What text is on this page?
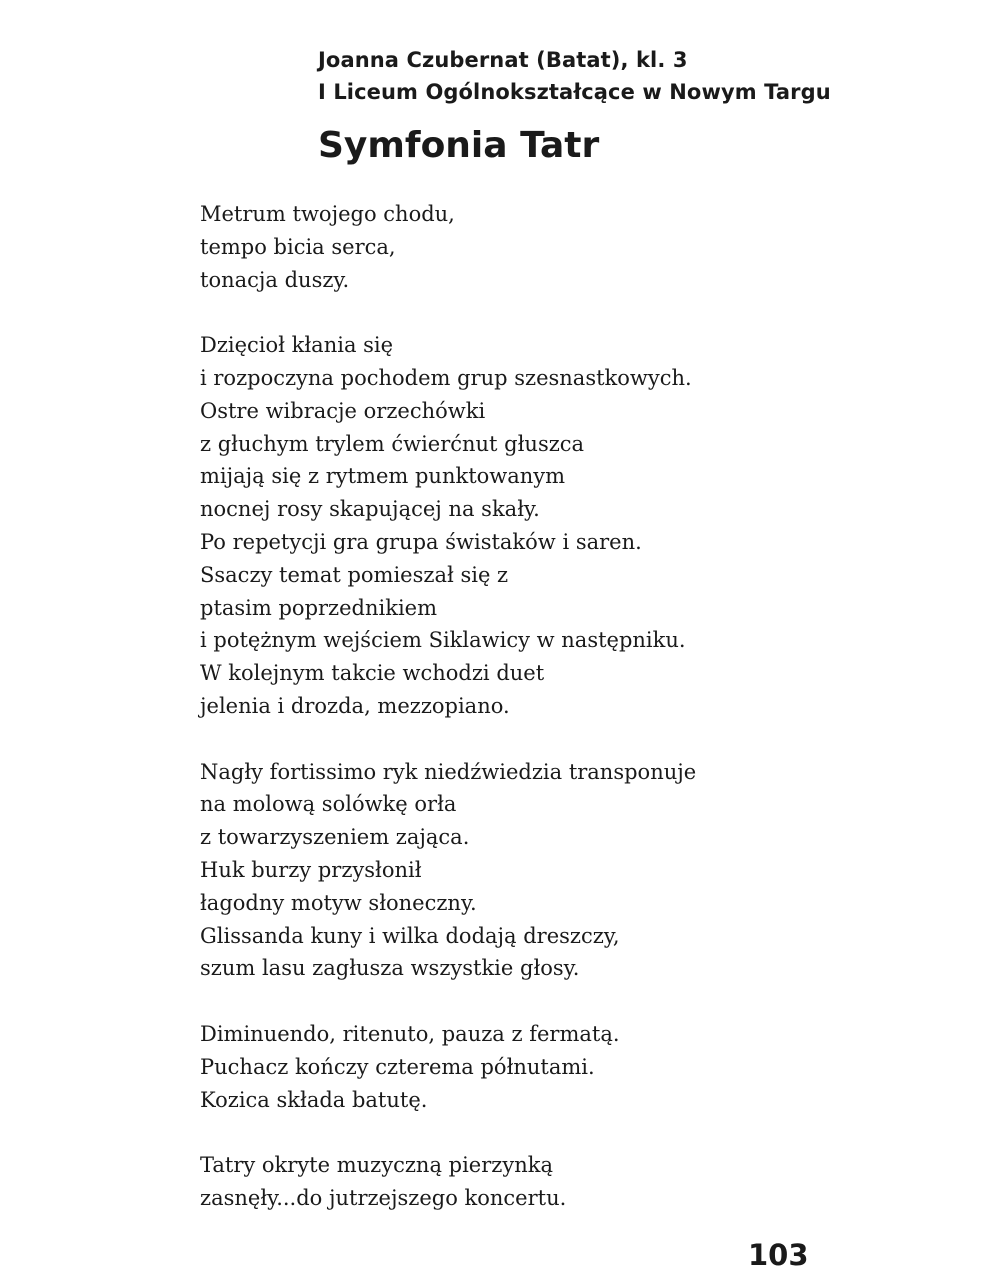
Joanna Czubernat (Batat), kl. 3
I Liceum Ogólnokształcące w Nowym Targu
Symfonia Tatr
Metrum twojego chodu,
tempo bicia serca,
tonacja duszy.
Dzięcioł kłania się
i rozpoczyna pochodem grup szesnastkowych.
Ostre wibracje orzechówki
z głuchym trylem ćwierćnut głuszca
mijają się z rytmem punktowanym
nocnej rosy skapującej na skały.
Po repetycji gra grupa świstaków i saren.
Ssaczy temat pomieszał się z
ptasim poprzednikiem
i potężnym wejściem Siklawicy w następniku.
W kolejnym takcie wchodzi duet
jelenia i drozda, mezzopiano.
Nagły fortissimo ryk niedźwiedzia transponuje
na molową solówkę orła
z towarzyszeniem zająca.
Huk burzy przysłonił
łagodny motyw słoneczny.
Glissanda kuny i wilka dodają dreszczy,
szum lasu zagłusza wszystkie głosy.
Diminuendo, ritenuto, pauza z fermatą.
Puchacz kończy czterema półnutami.
Kozica składa batutę.
Tatry okryte muzyczną pierzynką
zasnęły...do jutrzejszego koncertu.
103
